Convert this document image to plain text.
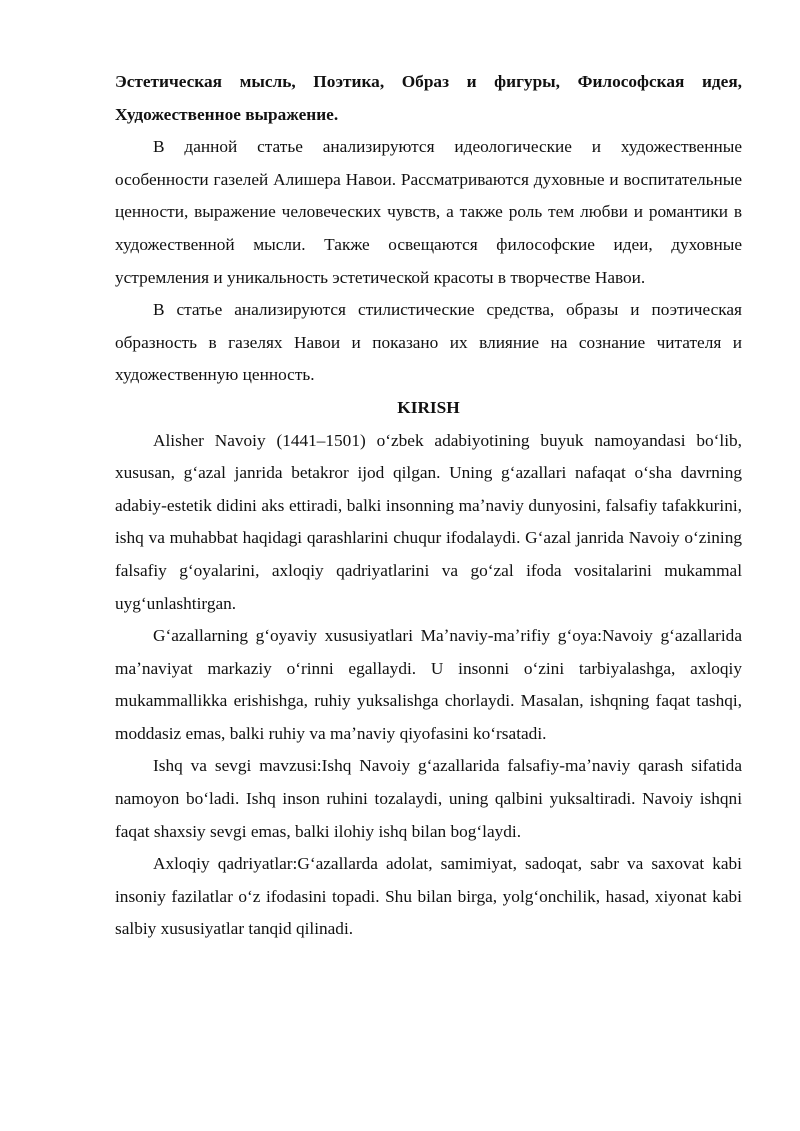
Эстетическая мысль, Поэтика, Образ и фигуры, Философская идея, Художественное выражение.

В данной статье анализируются идеологические и художественные особенности газелей Алишера Навои. Рассматриваются духовные и воспитательные ценности, выражение человеческих чувств, а также роль тем любви и романтики в художественной мысли. Также освещаются философские идеи, духовные устремления и уникальность эстетической красоты в творчестве Навои.

В статье анализируются стилистические средства, образы и поэтическая образность в газелях Навои и показано их влияние на сознание читателя и художественную ценность.

KIRISH

Alisher Navoiy (1441–1501) oʻzbek adabiyotining buyuk namoyandasi boʻlib, xususan, gʻazal janrida betakror ijod qilgan. Uning gʻazallari nafaqat oʻsha davrning adabiy-estetik didini aks ettiradi, balki insonning maʼnaviy dunyosini, falsafiy tafakkurini, ishq va muhabbat haqidagi qarashlarini chuqur ifodalaydi. Gʻazal janrida Navoiy oʻzining falsafiy gʻoyalarini, axloqiy qadriyatlarini va goʻzal ifoda vositalarini mukammal uygʻunlashtirgan.

Gʻazallarning gʻoyaviy xususiyatlari Maʼnaviy-maʼrifiy gʻoya:Navoiy gʻazallarida maʼnaviyat markaziy oʻrinni egallaydi. U insonni oʻzini tarbiyalashga, axloqiy mukammallikka erishishga, ruhiy yuksalishga chorlaydi. Masalan, ishqning faqat tashqi, moddasiz emas, balki ruhiy va maʼnaviy qiyofasini koʻrsatadi.

Ishq va sevgi mavzusi:Ishq Navoiy gʻazallarida falsafiy-maʼnaviy qarash sifatida namoyon boʻladi. Ishq inson ruhini tozalaydi, uning qalbini yuksaltiradi. Navoiy ishqni faqat shaxsiy sevgi emas, balki ilohiy ishq bilan bogʻlaydi.

Axloqiy qadriyatlar:Gʻazallarda adolat, samimiyat, sadoqat, sabr va saxovat kabi insoniy fazilatlar oʻz ifodasini topadi. Shu bilan birga, yolgʻonchilik, hasad, xiyonat kabi salbiy xususiyatlar tanqid qilinadi.
